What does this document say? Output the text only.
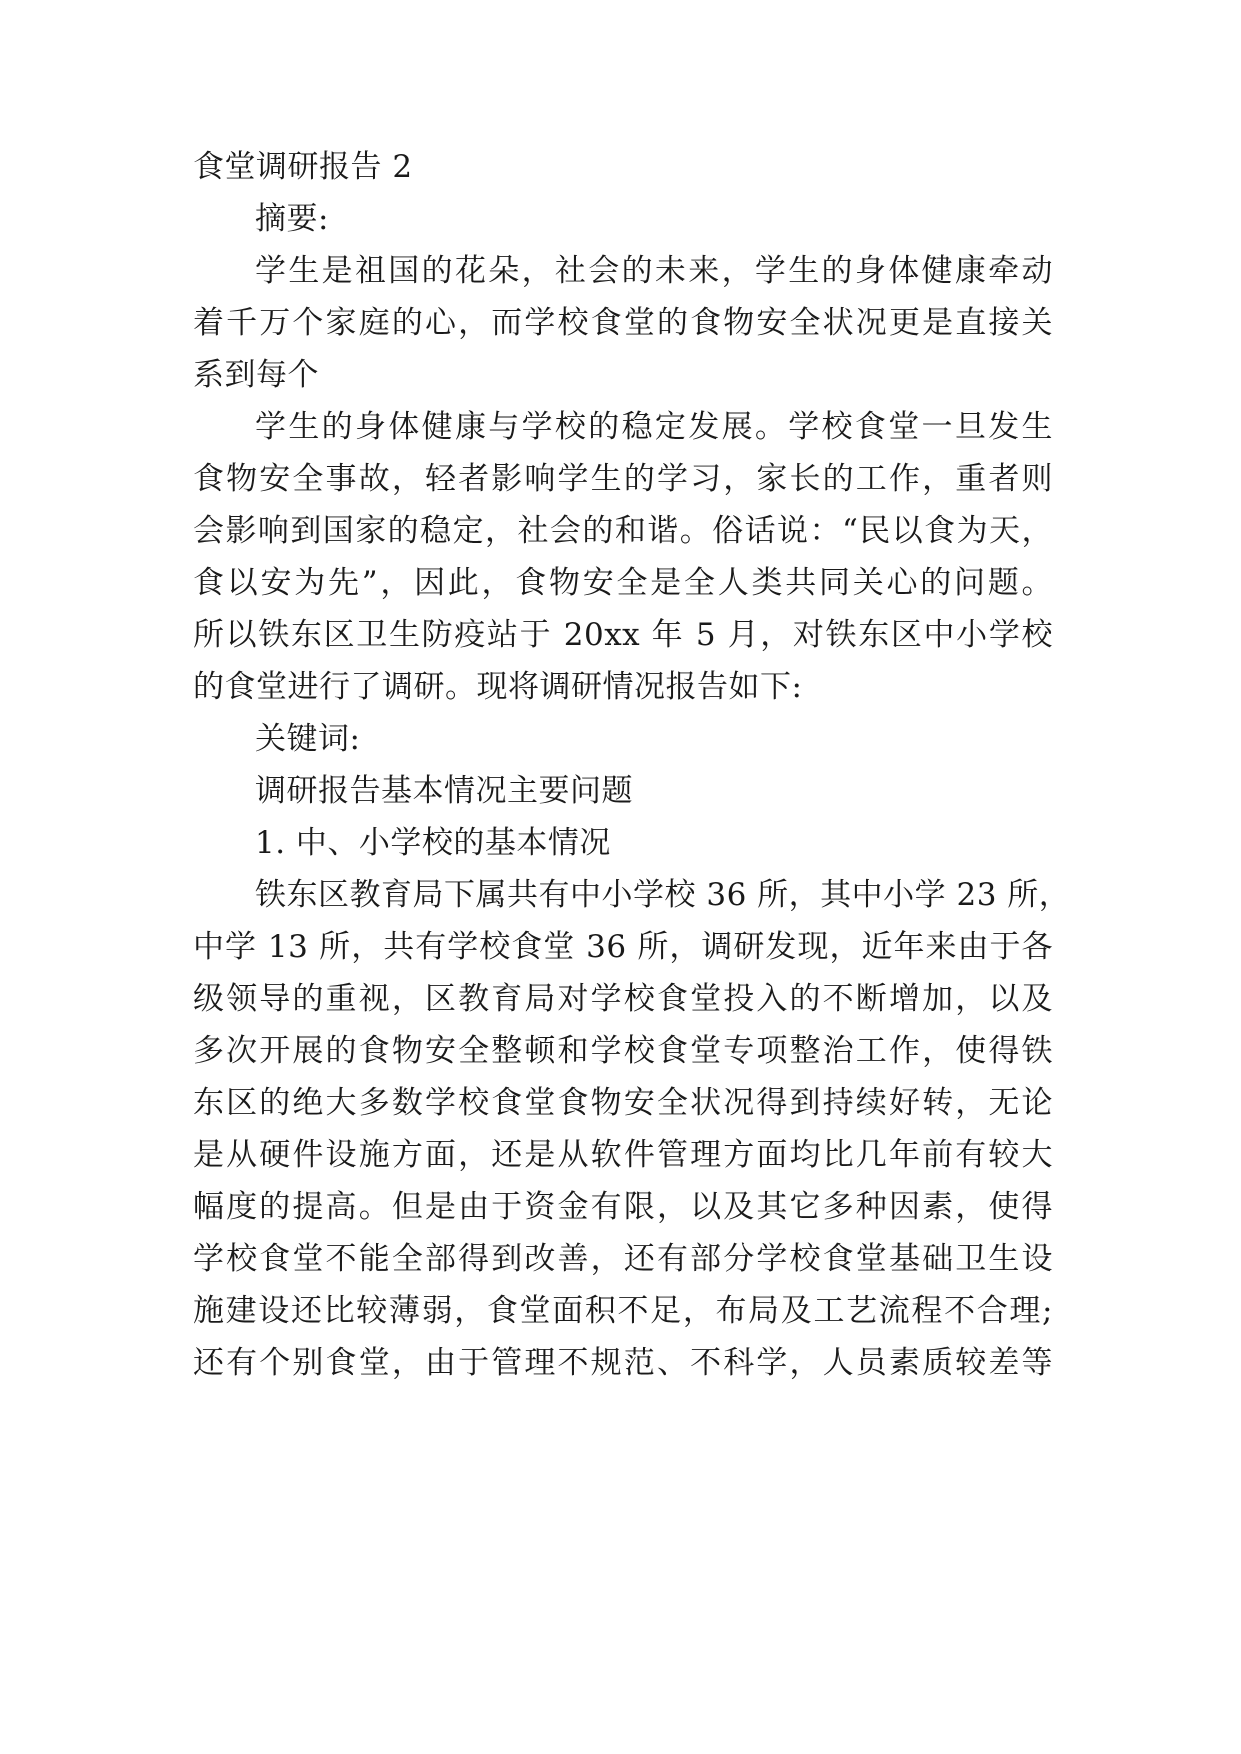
食堂调研报告 2
摘要:
学生是祖国的花朵，社会的未来，学生的身体健康牵动
着千万个家庭的心，而学校食堂的食物安全状况更是直接关
系到每个
学生的身体健康与学校的稳定发展。学校食堂一旦发生
食物安全事故，轻者影响学生的学习，家长的工作，重者则
会影响到国家的稳定，社会的和谐。俗话说：“民以食为天，
食以安为先”，因此，食物安全是全人类共同关心的问题。
所以铁东区卫生防疫站于 20xx 年 5 月，对铁东区中小学校
的食堂进行了调研。现将调研情况报告如下:
关键词:
调研报告基本情况主要问题
1. 中、小学校的基本情况
铁东区教育局下属共有中小学校 36 所，其中小学 23 所，
中学 13 所，共有学校食堂 36 所，调研发现，近年来由于各
级领导的重视，区教育局对学校食堂投入的不断增加，以及
多次开展的食物安全整顿和学校食堂专项整治工作，使得铁
东区的绝大多数学校食堂食物安全状况得到持续好转，无论
是从硬件设施方面，还是从软件管理方面均比几年前有较大
幅度的提高。但是由于资金有限，以及其它多种因素，使得
学校食堂不能全部得到改善，还有部分学校食堂基础卫生设
施建设还比较薄弱，食堂面积不足，布局及工艺流程不合理;
还有个别食堂，由于管理不规范、不科学，人员素质较差等
